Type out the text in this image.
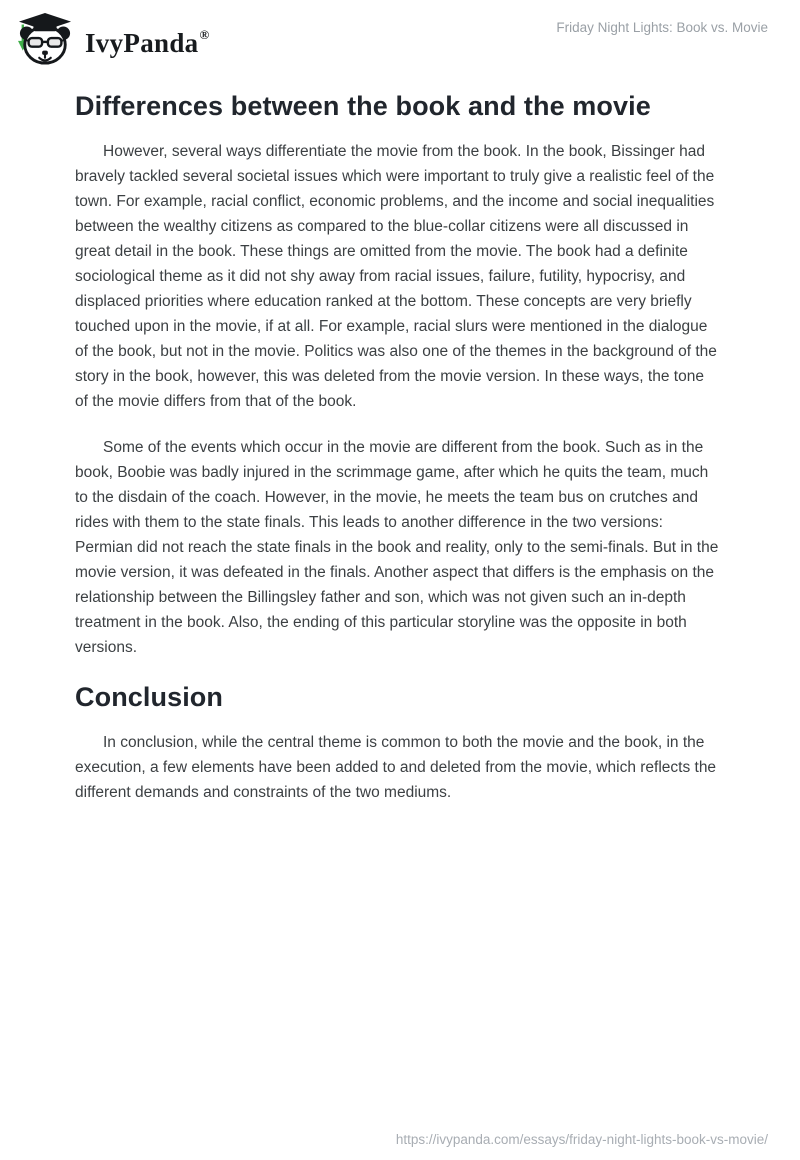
IvyPanda®	Friday Night Lights: Book vs. Movie
Differences between the book and the movie

However, several ways differentiate the movie from the book. In the book, Bissinger had bravely tackled several societal issues which were important to truly give a realistic feel of the town. For example, racial conflict, economic problems, and the income and social inequalities between the wealthy citizens as compared to the blue-collar citizens were all discussed in great detail in the book. These things are omitted from the movie. The book had a definite sociological theme as it did not shy away from racial issues, failure, futility, hypocrisy, and displaced priorities where education ranked at the bottom. These concepts are very briefly touched upon in the movie, if at all. For example, racial slurs were mentioned in the dialogue of the book, but not in the movie. Politics was also one of the themes in the background of the story in the book, however, this was deleted from the movie version. In these ways, the tone of the movie differs from that of the book.

Some of the events which occur in the movie are different from the book. Such as in the book, Boobie was badly injured in the scrimmage game, after which he quits the team, much to the disdain of the coach. However, in the movie, he meets the team bus on crutches and rides with them to the state finals. This leads to another difference in the two versions: Permian did not reach the state finals in the book and reality, only to the semi-finals. But in the movie version, it was defeated in the finals. Another aspect that differs is the emphasis on the relationship between the Billingsley father and son, which was not given such an in-depth treatment in the book. Also, the ending of this particular storyline was the opposite in both versions.

Conclusion

In conclusion, while the central theme is common to both the movie and the book, in the execution, a few elements have been added to and deleted from the movie, which reflects the different demands and constraints of the two mediums.

https://ivypanda.com/essays/friday-night-lights-book-vs-movie/
